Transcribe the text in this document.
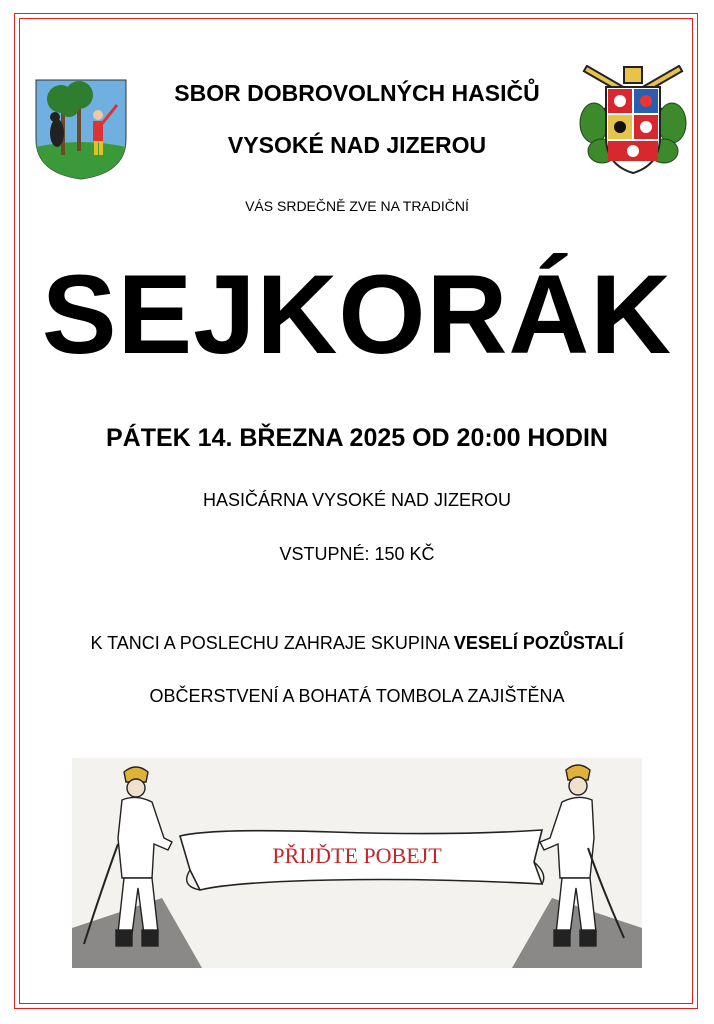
SBOR DOBROVOLNÝCH HASIČŮ
VYSOKÉ NAD JIZEROU
VÁS SRDEČNĚ ZVE NA TRADIČNÍ
SEJKORÁK
PÁTEK 14. BŘEZNA 2025 OD 20:00 HODIN
HASIČÁRNA VYSOKÉ NAD JIZEROU
VSTUPNÉ: 150 KČ
K TANCI A POSLECHU ZAHRAJE SKUPINA VESELÍ POZŮSTALÍ
OBČERSTVENÍ A BOHATÁ TOMBOLA ZAJIŠTĚNA
PŘIJĎTE POBEJT
